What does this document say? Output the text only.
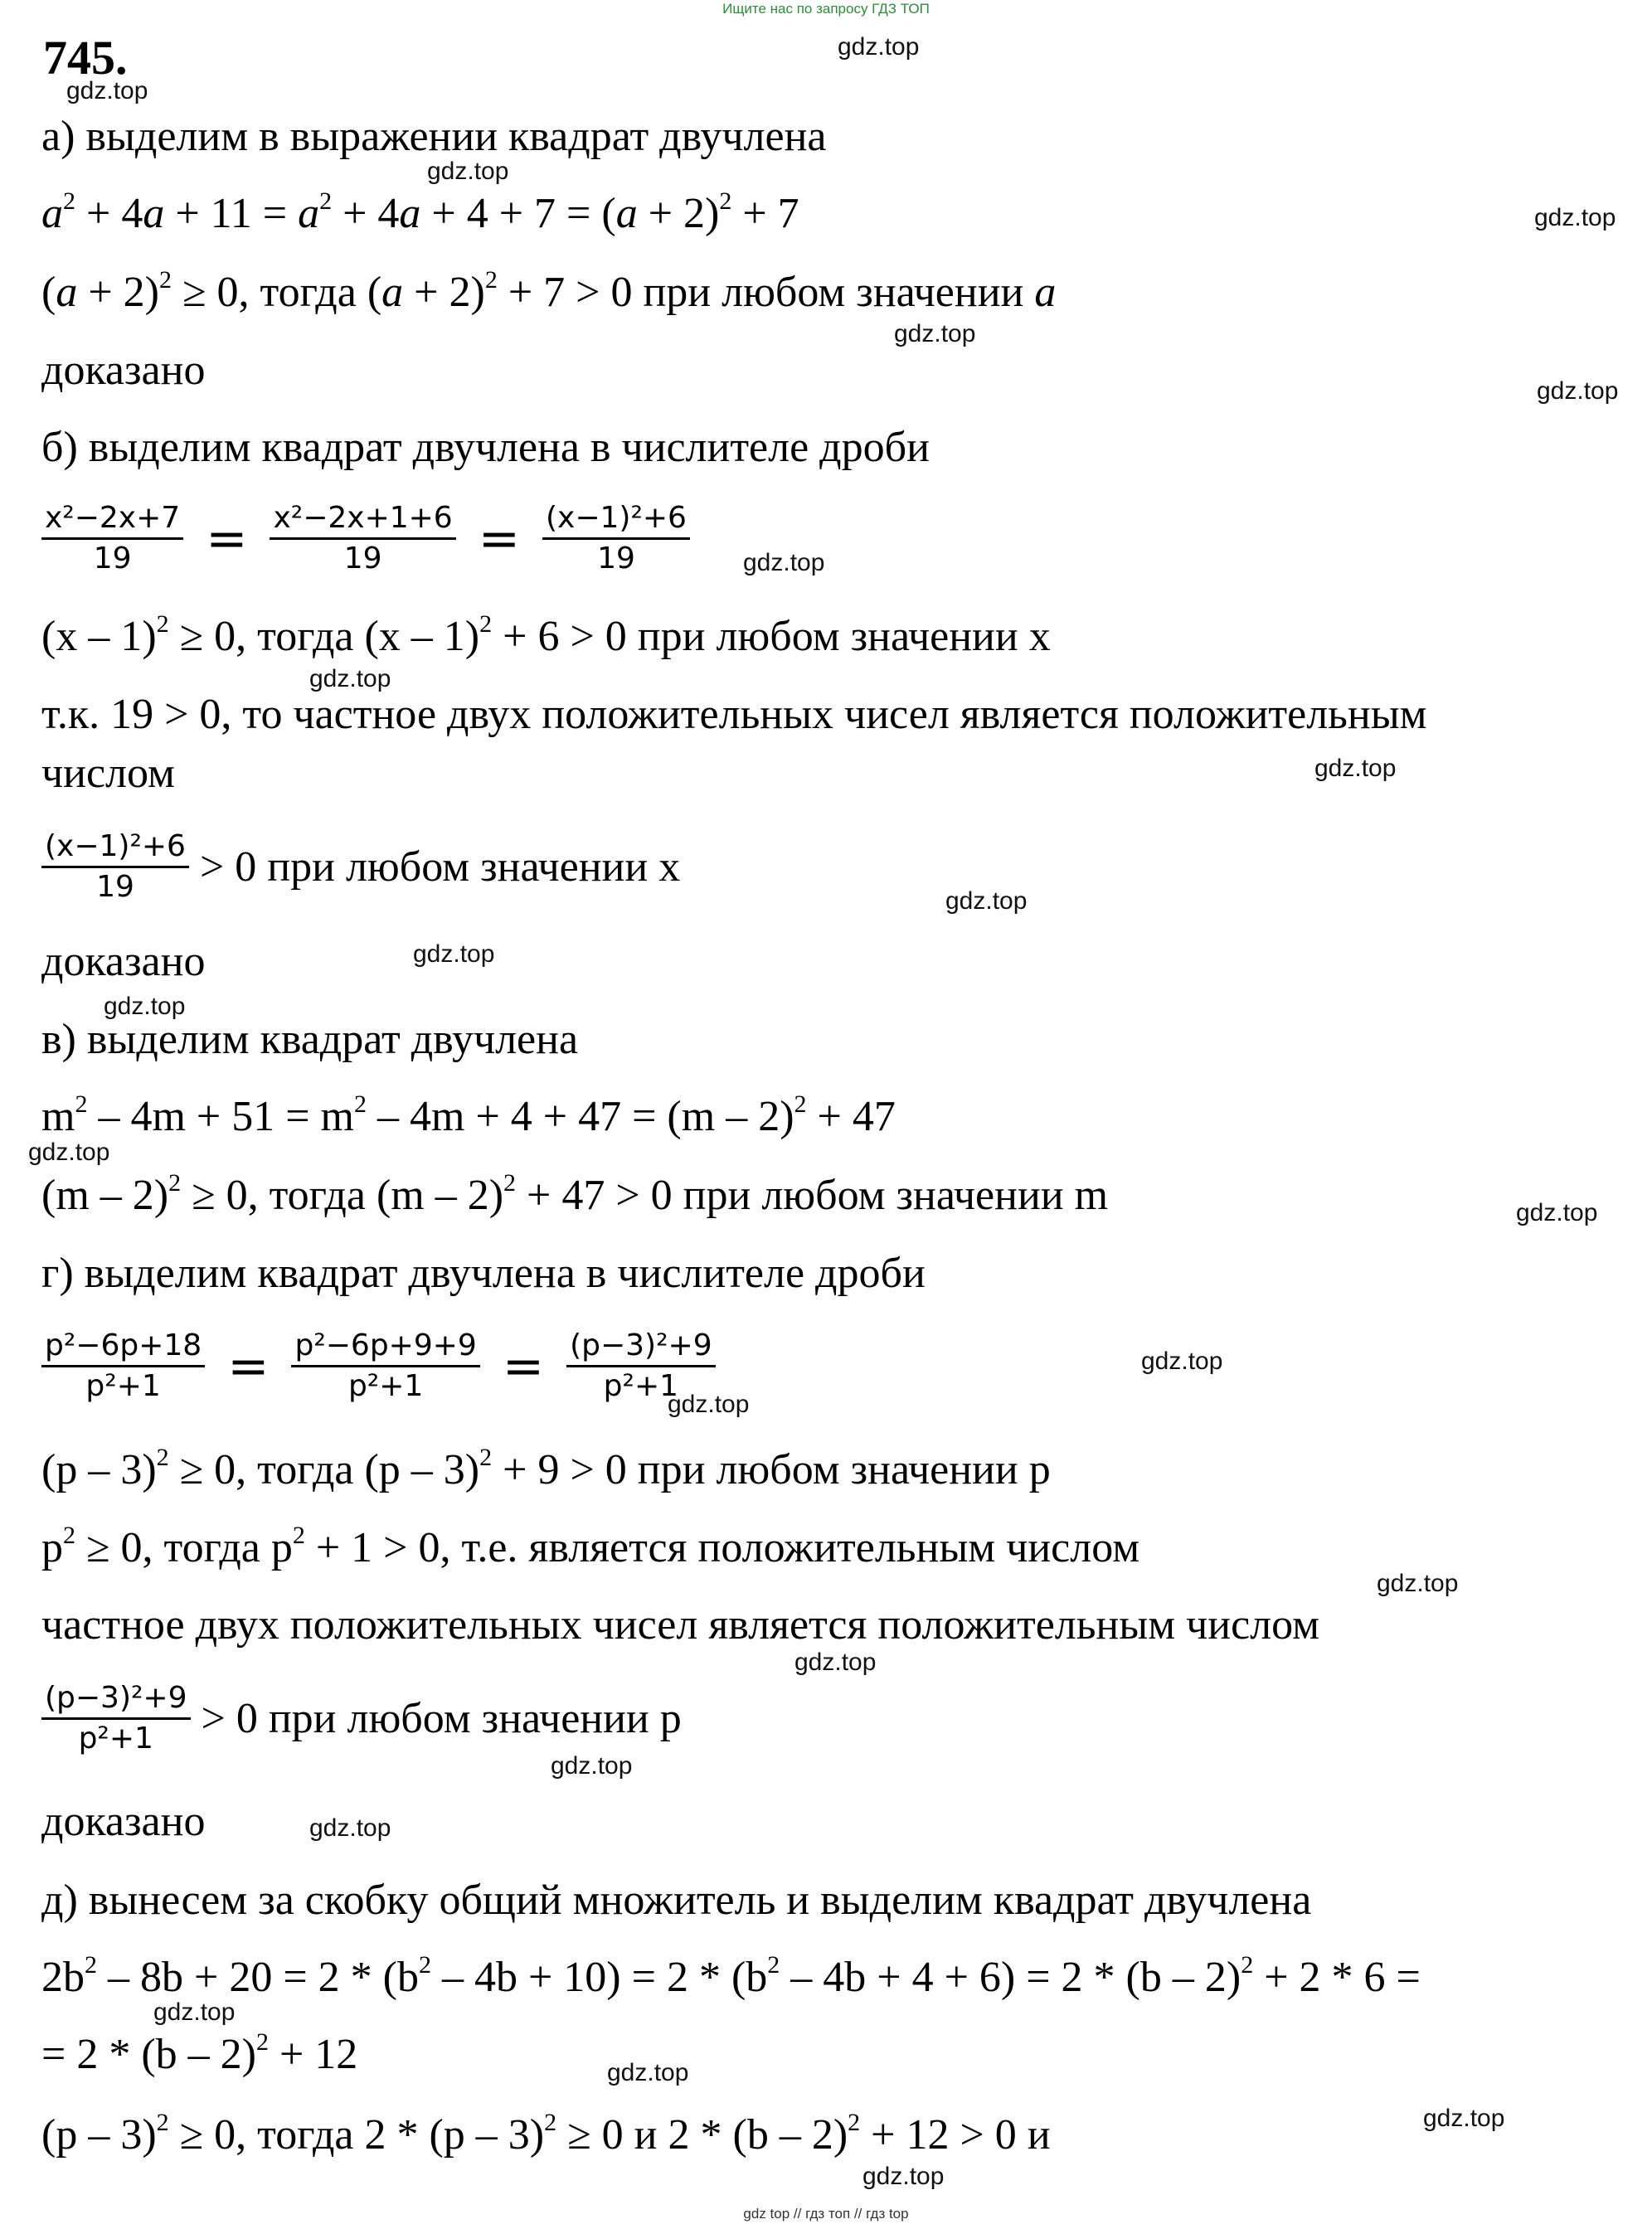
Ищите нас по запросу ГДЗ ТОП
745.
а) выделим в выражении квадрат двучлена
$a^2 + 4a + 11 = a^2 + 4a + 4 + 7 = (a + 2)^2 + 7$
$(a + 2)^2 \ge 0$, тогда $(a + 2)^2 + 7 > 0$ при любом значении a
доказано
б) выделим квадрат двучлена в числителе дроби
$\frac{\text{x²−2x+7}}{19} = \frac{\text{x²−2x+1+6}}{19} = \frac{\text{(x−1)²+6}}{19}$
(x – 1)$^2$ ≥ 0, тогда (x – 1)$^2$ + 6 > 0 при любом значении x
т.к. 19 > 0, то частное двух положительных чисел является положительным
числом
$\frac{\text{(x−1)²+6}}{19} > 0$ при любом значении x
доказано
в) выделим квадрат двучлена
$m^2 - 4m + 51 = m^2 - 4m + 4 + 47 = (m - 2)^2 + 47$
(m – 2)$^2$ ≥ 0, тогда (m – 2)$^2$ + 47 > 0 при любом значении m
г) выделим квадрат двучлена в числителе дроби
$\frac{\text{p²−6p+18}}{\text{p²+1}} = \frac{\text{p²−6p+9+9}}{\text{p²+1}} = \frac{\text{(p−3)²+9}}{\text{p²+1}}$
(p – 3)$^2$ ≥ 0, тогда (p – 3)$^2$ + 9 > 0 при любом значении p
$p^2 \ge 0$, тогда $p^2 + 1 > 0$, т.е. является положительным числом
частное двух положительных чисел является положительным числом
$\frac{\text{(p−3)²+9}}{\text{p²+1}} > 0$ при любом значении p
доказано
д) вынесем за скобку общий множитель и выделим квадрат двучлена
$2b^2 - 8b + 20 = 2 * (b^2 - 4b + 10) = 2 * (b^2 - 4b + 4 + 6) = 2 * (b - 2)^2 + 2 * 6$ =
= 2 * (b – 2)$^2$ + 12
(p – 3)$^2$ ≥ 0, тогда 2 * (p – 3)$^2$ ≥ 0 и 2 * (b – 2)$^2$ + 12 > 0 и
gdz.top
gdz.top
gdz.top
gdz.top
gdz.top
gdz.top
gdz.top
gdz.top
gdz.top
gdz.top
gdz.top
gdz.top
gdz.top
gdz.top
gdz.top
gdz.top
gdz.top
gdz.top
gdz.top
gdz.top
gdz.top
gdz.top
gdz.top
gdz.top
gdz top // гдз топ // гдз top
